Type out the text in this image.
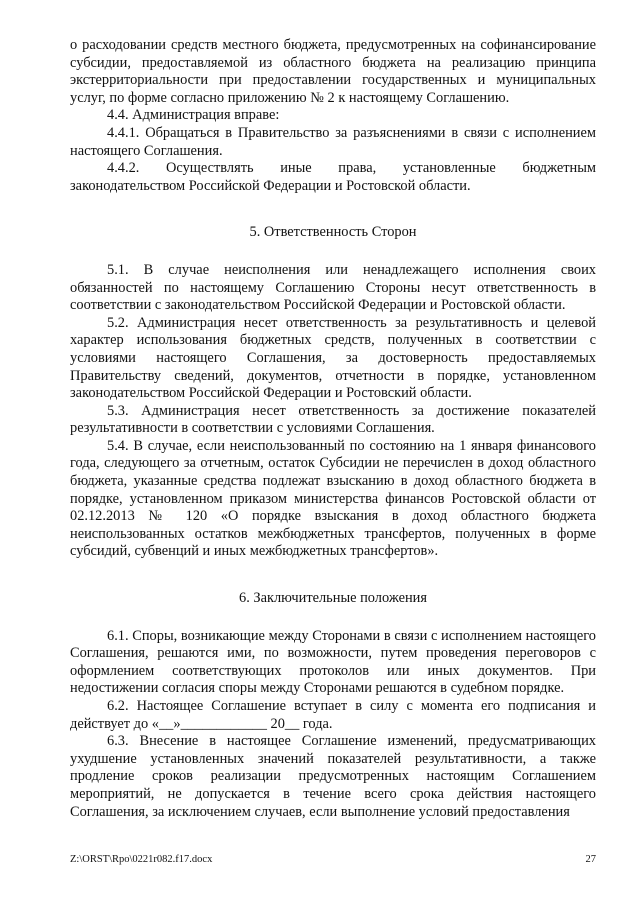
о расходовании средств местного бюджета, предусмотренных на софинансирование субсидии, предоставляемой из областного бюджета на реализацию принципа экстерриториальности при предоставлении государственных и муниципальных услуг, по форме согласно приложению № 2 к настоящему Соглашению.

4.4. Администрация вправе:

4.4.1. Обращаться в Правительство за разъяснениями в связи с исполнением настоящего Соглашения.

4.4.2. Осуществлять иные права, установленные бюджетным законодательством Российской Федерации и Ростовской области.

5. Ответственность Сторон

5.1. В случае неисполнения или ненадлежащего исполнения своих обязанностей по настоящему Соглашению Стороны несут ответственность в соответствии с законодательством Российской Федерации и Ростовской области.

5.2. Администрация несет ответственность за результативность и целевой характер использования бюджетных средств, полученных в соответствии с условиями настоящего Соглашения, за достоверность предоставляемых Правительству сведений, документов, отчетности в порядке, установленном законодательством Российской Федерации и Ростовский области.

5.3. Администрация несет ответственность за достижение показателей результативности в соответствии с условиями Соглашения.

5.4. В случае, если неиспользованный по состоянию на 1 января финансового года, следующего за отчетным, остаток Субсидии не перечислен в доход областного бюджета, указанные средства подлежат взысканию в доход областного бюджета в порядке, установленном приказом министерства финансов Ростовской области от 02.12.2013 № 120 «О порядке взыскания в доход областного бюджета неиспользованных остатков межбюджетных трансфертов, полученных в форме субсидий, субвенций и иных межбюджетных трансфертов».

6. Заключительные положения

6.1. Споры, возникающие между Сторонами в связи с исполнением настоящего Соглашения, решаются ими, по возможности, путем проведения переговоров с оформлением соответствующих протоколов или иных документов. При недостижении согласия споры между Сторонами решаются в судебном порядке.

6.2. Настоящее Соглашение вступает в силу с момента его подписания и действует до «__»____________ 20__ года.

6.3. Внесение в настоящее Соглашение изменений, предусматривающих ухудшение установленных значений показателей результативности, а также продление сроков реализации предусмотренных настоящим Соглашением мероприятий, не допускается в течение всего срока действия настоящего Соглашения, за исключением случаев, если выполнение условий предоставления

Z:\ORST\Rpo\0221r082.f17.docx	27
